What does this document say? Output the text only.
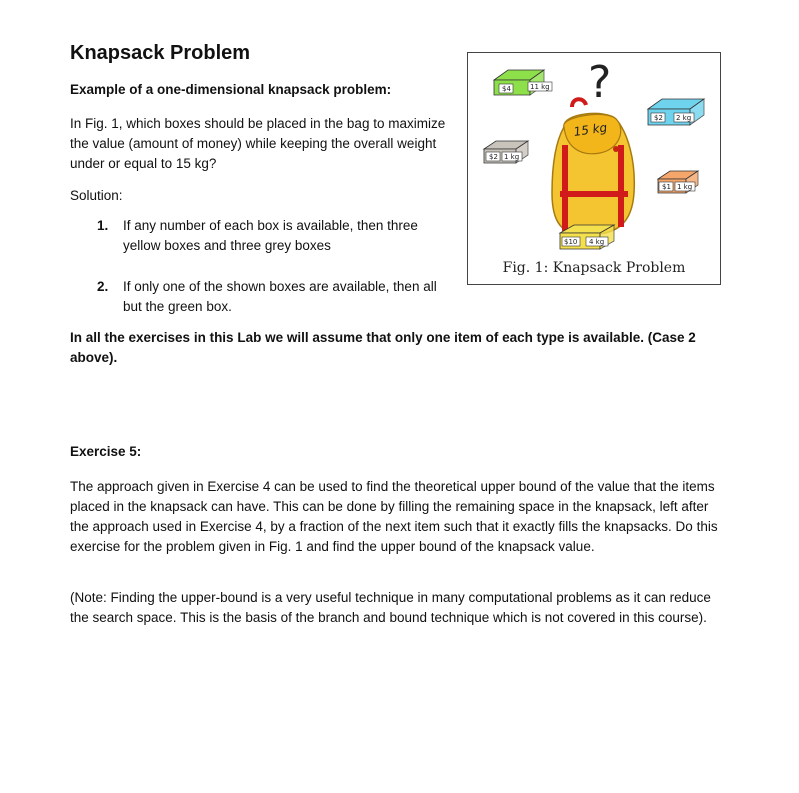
Knapsack Problem
Example of a one-dimensional knapsack problem:

In Fig. 1, which boxes should be placed in the bag to maximize the value (amount of money) while keeping the overall weight under or equal to 15 kg?

Solution:
1. If any number of each box is available, then three yellow boxes and three grey boxes
2. If only one of the shown boxes are available, then all but the green box.
In all the exercises in this Lab we will assume that only one item of each type is available. (Case 2 above).
Exercise 5:

The approach given in Exercise 4 can be used to find the theoretical upper bound of the value that the items placed in the knapsack can have. This can be done by filling the remaining space in the knapsack, left after the approach used in Exercise 4, by a fraction of the next item such that it exactly fills the knapsacks. Do this exercise for the problem given in Fig. 1 and find the upper bound of the knapsack value.

(Note: Finding the upper-bound is a very useful technique in many computational problems as it can reduce the search space. This is the basis of the branch and bound technique which is not covered in this course).

$4	11 kg ?
$2 2 kg
$2 1 kg
15 kg
$1 1 kg
$10 4 kg
Fig. 1: Knapsack Problem
